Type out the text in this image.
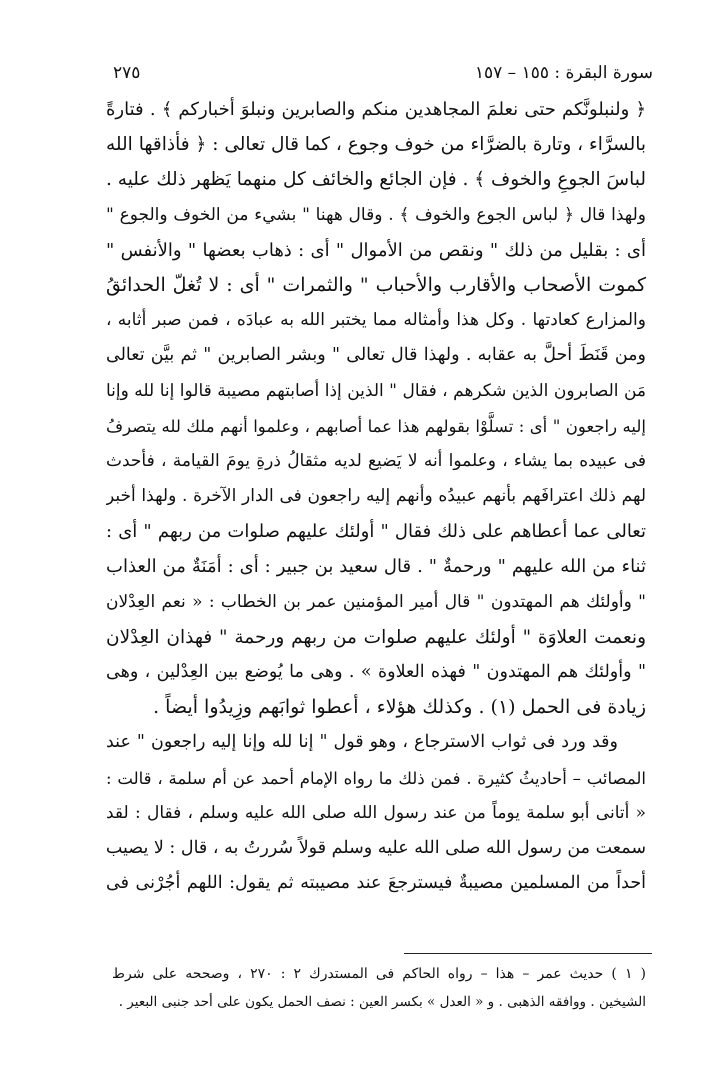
سورة البقرة : ١٥٥ – ١٥٧
٢٧٥
﴿ ولنبلونَّكم حتى نعلمَ المجاهدين منكم والصابرين ونبلوَ أخباركم ﴾ . فتارةً
بالسرَّاء ، وتارة بالضرَّاء من خوف وجوع ، كما قال تعالى : ﴿ فأذاقها الله
لباسَ الجوعِ والخوف ﴾ . فإن الجائع والخائف كل منهما يَظهر ذلك عليه .
ولهذا قال ﴿ لباس الجوع والخوف ﴾ . وقال ههنا " بشيء من الخوف والجوع "
أى : بقليل من ذلك " ونقص من الأموال " أى : ذهاب بعضها " والأنفس "
كموت الأصحاب والأقارب والأحباب " والثمرات " أى : لا تُغلّ الحدائقُ
والمزارع كعادتها . وكل هذا وأمثاله مما يختبر الله به عبادَه ، فمن صبر أثابه ،
ومن قَنَطَ أحلَّ به عقابه . ولهذا قال تعالى " وبشر الصابرين " ثم بيَّن تعالى
مَن الصابرون الذين شكرهم ، فقال " الذين إذا أصابتهم مصيبة قالوا إنا لله وإنا
إليه راجعون " أى : تسلَّوْا بقولهم هذا عما أصابهم ، وعلموا أنهم ملك لله يتصرفُ
فى عبيده بما يشاء ، وعلموا أنه لا يَضيع لديه مثقالُ ذرةِ يومَ القيامة ، فأحدث
لهم ذلك اعترافَهم بأنهم عبيدُه وأنهم إليه راجعون فى الدار الآخرة . ولهذا أخبر
تعالى عما أعطاهم على ذلك فقال " أولئك عليهم صلوات من ربهم " أى :
ثناء من الله عليهم " ورحمةٌ " . قال سعيد بن جبير : أى : أمَنَةٌ من العذاب
" وأولئك هم المهتدون " قال أمير المؤمنين عمر بن الخطاب : « نعم العِدْلان
ونعمت العلاوَة " أولئك عليهم صلوات من ربهم ورحمة " فهذان العِدْلان
" وأولئك هم المهتدون " فهذه العلاوة » . وهى ما يُوضع بين العِدْلين ، وهى
زيادة فى الحمل (١) . وكذلك هؤلاء ، أعطوا ثوابَهم وزِيدُوا أيضاً .
وقد ورد فى ثواب الاسترجاع ، وهو قول " إنا لله وإنا إليه راجعون " عند
المصائب – أحاديثُ كثيرة . فمن ذلك ما رواه الإمام أحمد عن أم سلمة ، قالت :
« أتانى أبو سلمة يوماً من عند رسول الله صلى الله عليه وسلم ، فقال : لقد
سمعت من رسول الله صلى الله عليه وسلم قولاً سُررتُ به ، قال : لا يصيب
أحداً من المسلمين مصيبةٌ فيسترجعَ عند مصيبته ثم يقول: اللهم أجُرْنى فى
( ١ ) حديث عمر – هذا – رواه الحاكم فى المستدرك ٢ : ٢٧٠ ، وصححه على شرط
الشيخين . ووافقه الذهبى . و « العدل » بكسر العين : نصف الحمل يكون على أحد جنبى البعير .
